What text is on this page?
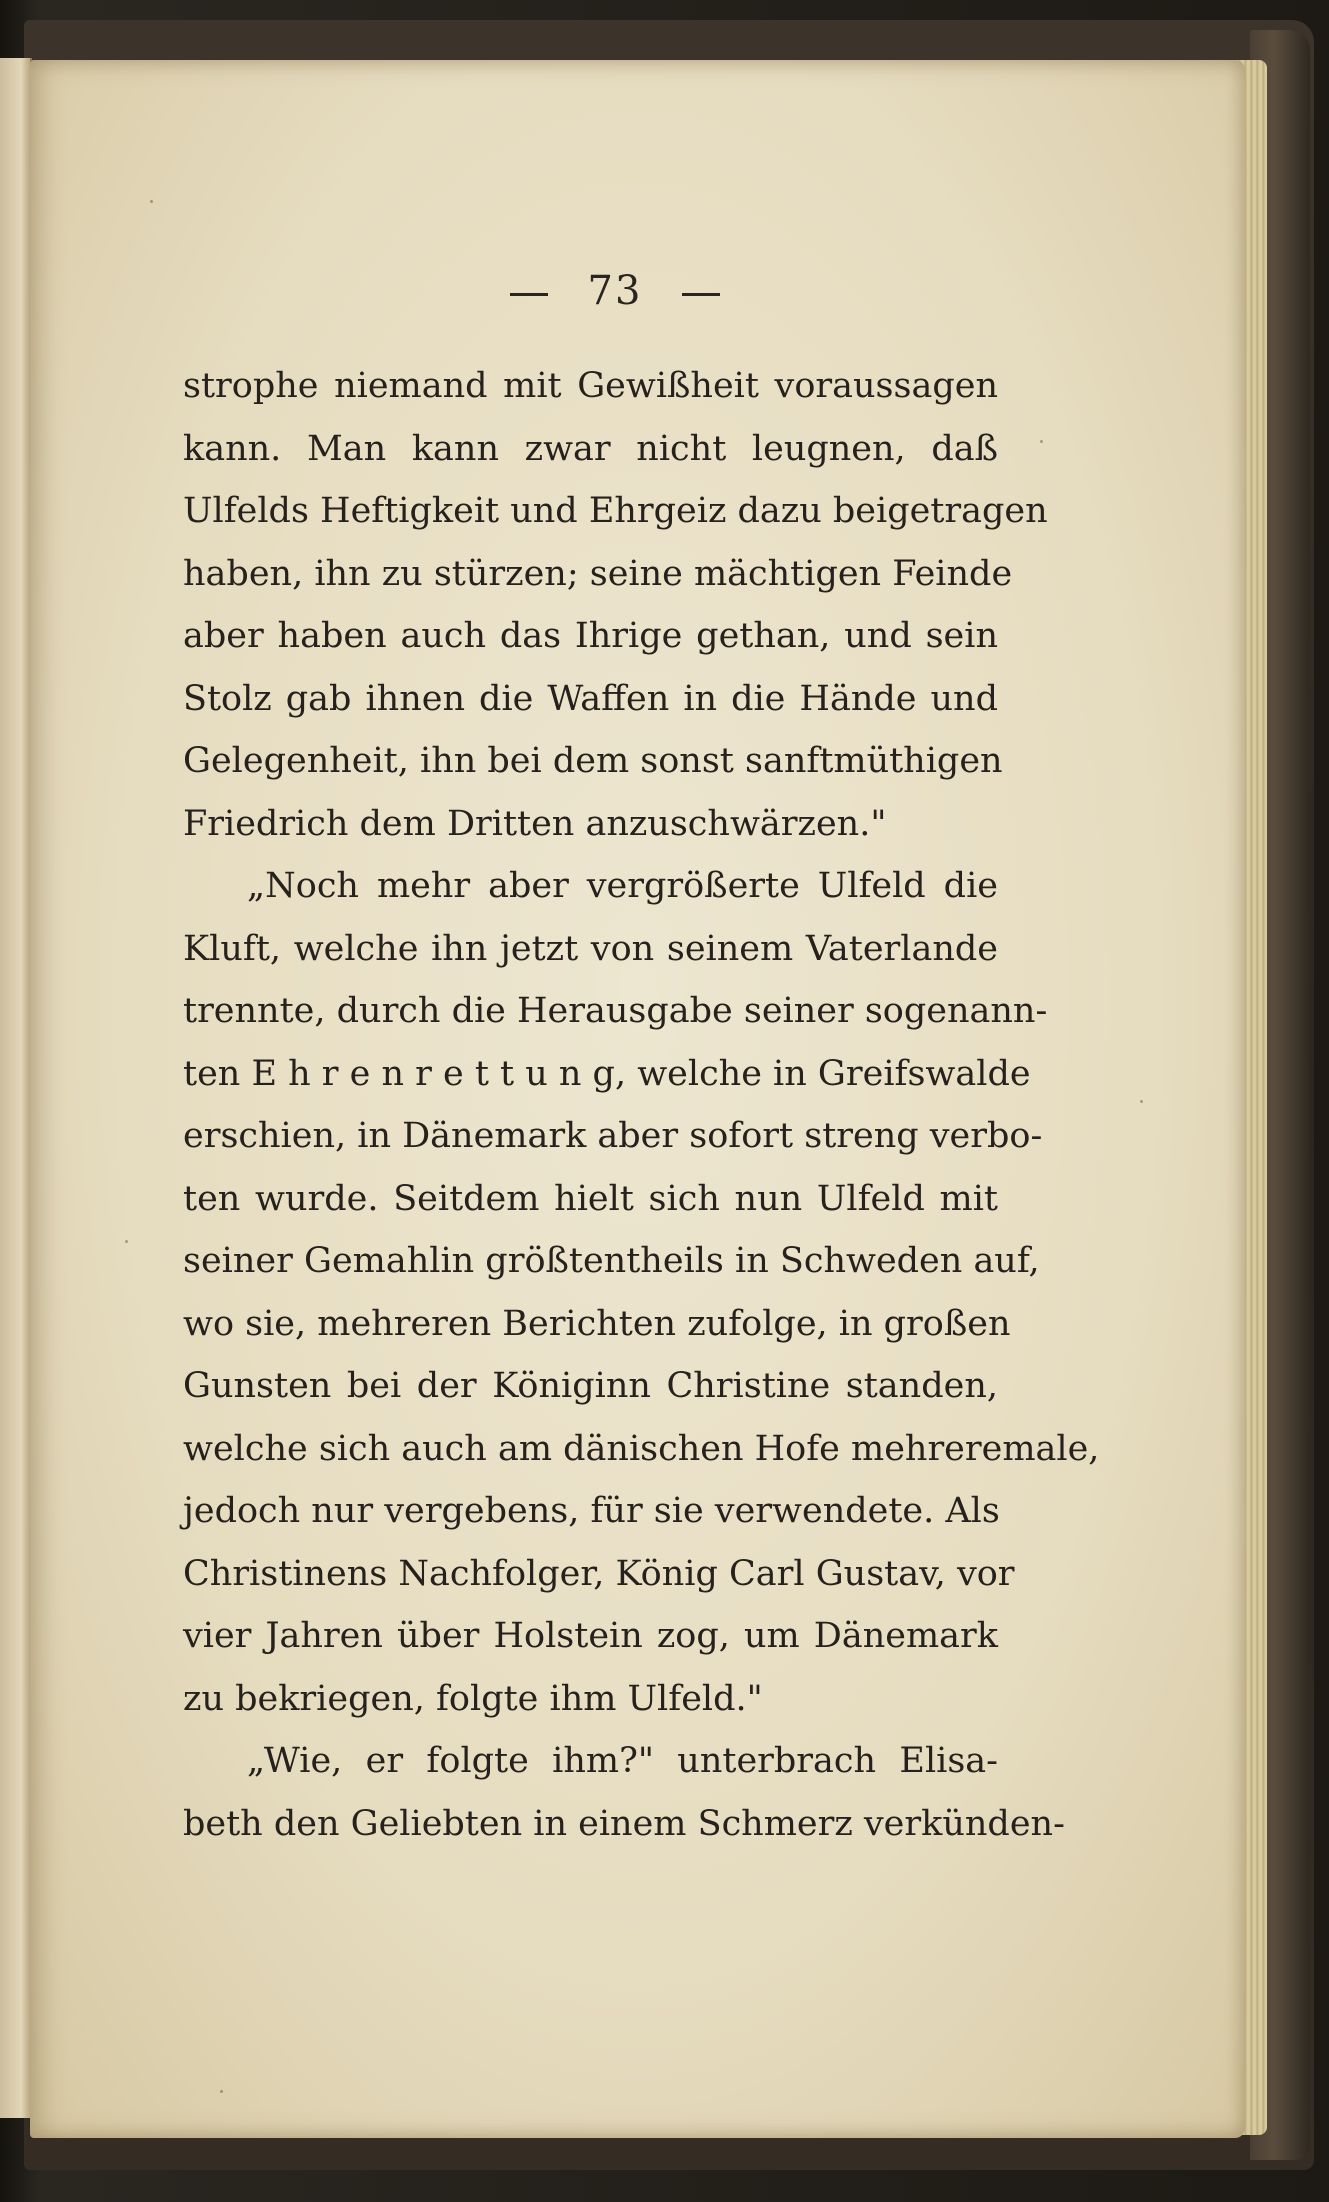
73
strophe niemand mit Gewißheit voraussagen
kann. Man kann zwar nicht leugnen, daß
Ulfelds Heftigkeit und Ehrgeiz dazu beigetragen
haben, ihn zu stürzen; seine mächtigen Feinde
aber haben auch das Ihrige gethan, und sein
Stolz gab ihnen die Waffen in die Hände und
Gelegenheit, ihn bei dem sonst sanftmüthigen
Friedrich dem Dritten anzuschwärzen."
„Noch mehr aber vergrößerte Ulfeld die
Kluft, welche ihn jetzt von seinem Vaterlande
trennte, durch die Herausgabe seiner sogenann-
ten E h r e n r e t t u n g, welche in Greifswalde
erschien, in Dänemark aber sofort streng verbo-
ten wurde. Seitdem hielt sich nun Ulfeld mit
seiner Gemahlin größtentheils in Schweden auf,
wo sie, mehreren Berichten zufolge, in großen
Gunsten bei der Königinn Christine standen,
welche sich auch am dänischen Hofe mehreremale,
jedoch nur vergebens, für sie verwendete. Als
Christinens Nachfolger, König Carl Gustav, vor
vier Jahren über Holstein zog, um Dänemark
zu bekriegen, folgte ihm Ulfeld."
„Wie, er folgte ihm?" unterbrach Elisa-
beth den Geliebten in einem Schmerz verkünden-
